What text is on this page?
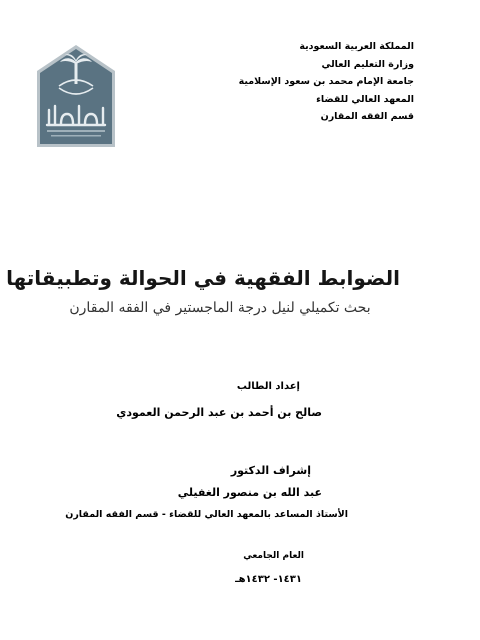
المملكة العربية السعودية
وزارة التعليم العالي
جامعة الإمام محمد بن سعود الإسلامية
المعهد العالي للقضاء
قسم الفقه المقارن
الضوابط الفقهية في الحوالة وتطبيقاتها
بحث تكميلي لنيل درجة الماجستير في الفقه المقارن
إعداد الطالب
صالح بن أحمد بن عبد الرحمن العمودي
إشراف الدكتور
عبد الله بن منصور الغفيلي
الأستاذ المساعد بالمعهد العالي للقضاء - قسم الفقه المقارن
العام الجامعي
١٤٣١- ١٤٣٢هـ
